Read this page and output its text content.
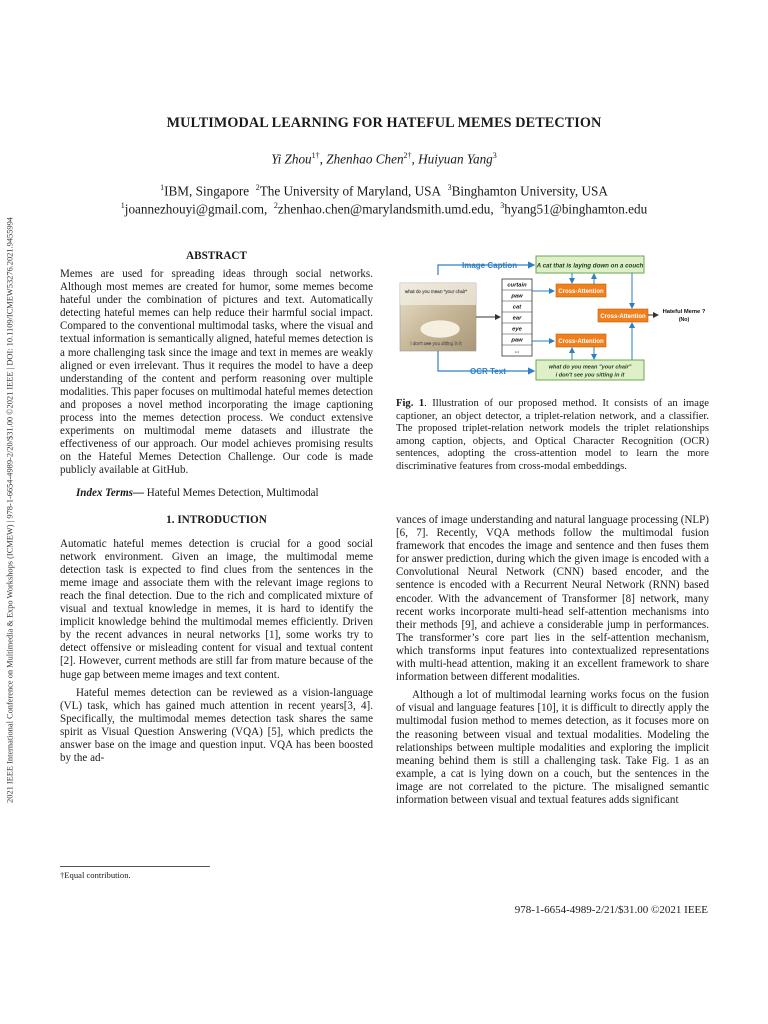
2021 IEEE International Conference on Multimedia & Expo Workshops (ICMEW) | 978-1-6654-4989-2/20/$31.00 ©2021 IEEE | DOI: 10.1109/ICMEW53276.2021.9455994
MULTIMODAL LEARNING FOR HATEFUL MEMES DETECTION
Yi Zhou$^{1\dagger}$, Zhenhao Chen$^{2\dagger}$, Huiyuan Yang$^3$
$^1$IBM, Singapore $^2$The University of Maryland, USA $^3$Binghamton University, USA
$^1$joannezhouyi@gmail.com, $^2$zhenhao.chen@marylandsmith.umd.edu, $^3$hyang51@binghamton.edu
ABSTRACT

Memes are used for spreading ideas through social networks. Although most memes are created for humor, some memes become hateful under the combination of pictures and text. Automatically detecting hateful memes can help reduce their harmful social impact. Compared to the conventional multimodal tasks, where the visual and textual information is semantically aligned, hateful memes detection is a more challenging task since the image and text in memes are weakly aligned or even irrelevant. Thus it requires the model to have a deep understanding of the content and perform reasoning over multiple modalities. This paper focuses on multimodal hateful memes detection and proposes a novel method incorporating the image captioning process into the memes detection process. We conduct extensive experiments on multimodal meme datasets and illustrate the effectiveness of our approach. Our model achieves promising results on the Hateful Memes Detection Challenge. Our code is made publicly available at GitHub.

Index Terms— Hateful Memes Detection, Multimodal
1. INTRODUCTION

Automatic hateful memes detection is crucial for a good social network environment. Given an image, the multimodal meme detection task is expected to find clues from the sentences in the meme image and associate them with the relevant image regions to reach the final detection. Due to the rich and complicated mixture of visual and textual knowledge in memes, it is hard to identify the implicit knowledge behind the multimodal memes efficiently. Driven by the recent advances in neural networks [1], some works try to detect offensive or misleading content for visual and textual content [2]. However, current methods are still far from mature because of the huge gap between meme images and text content.

Hateful memes detection can be reviewed as a vision-language (VL) task, which has gained much attention in recent years[3, 4]. Specifically, the multimodal memes detection task shares the same spirit as Visual Question Answering (VQA) [5], which predicts the answer base on the image and question input. VQA has been boosted by the ad-

†Equal contribution.
Image Caption	A cat that is laying down on a couch
what do you mean "your chair"
i don't see you sitting in it
curtain
paw
cat
ear
eye
paw
...
Cross-Attention
Cross-Attention
Cross-Attention
Hateful Meme ?
(No)
OCR Text	what do you mean "your chair"
i don't see you sitting in it
Fig. 1. Illustration of our proposed method. It consists of an image captioner, an object detector, a triplet-relation network, and a classifier. The proposed triplet-relation network models the triplet relationships among caption, objects, and Optical Character Recognition (OCR) sentences, adopting the cross-attention model to learn the more discriminative features from cross-modal embeddings.

vances of image understanding and natural language processing (NLP) [6, 7]. Recently, VQA methods follow the multimodal fusion framework that encodes the image and sentence and then fuses them for answer prediction, during which the given image is encoded with a Convolutional Neural Network (CNN) based encoder, and the sentence is encoded with a Recurrent Neural Network (RNN) based encoder. With the advancement of Transformer [8] network, many recent works incorporate multi-head self-attention mechanisms into their methods [9], and achieve a considerable jump in performances. The transformer’s core part lies in the self-attention mechanism, which transforms input features into contextualized representations with multi-head attention, making it an excellent framework to share information between different modalities.

Although a lot of multimodal learning works focus on the fusion of visual and language features [10], it is difficult to directly apply the multimodal fusion method to memes detection, as it focuses more on the reasoning between visual and textual modalities. Modeling the relationships between multiple modalities and exploring the implicit meaning behind them is still a challenging task. Take Fig. 1 as an example, a cat is lying down on a couch, but the sentences in the image are not correlated to the picture. The misaligned semantic information between visual and textual features adds significant

978-1-6654-4989-2/21/$31.00 ©2021 IEEE
